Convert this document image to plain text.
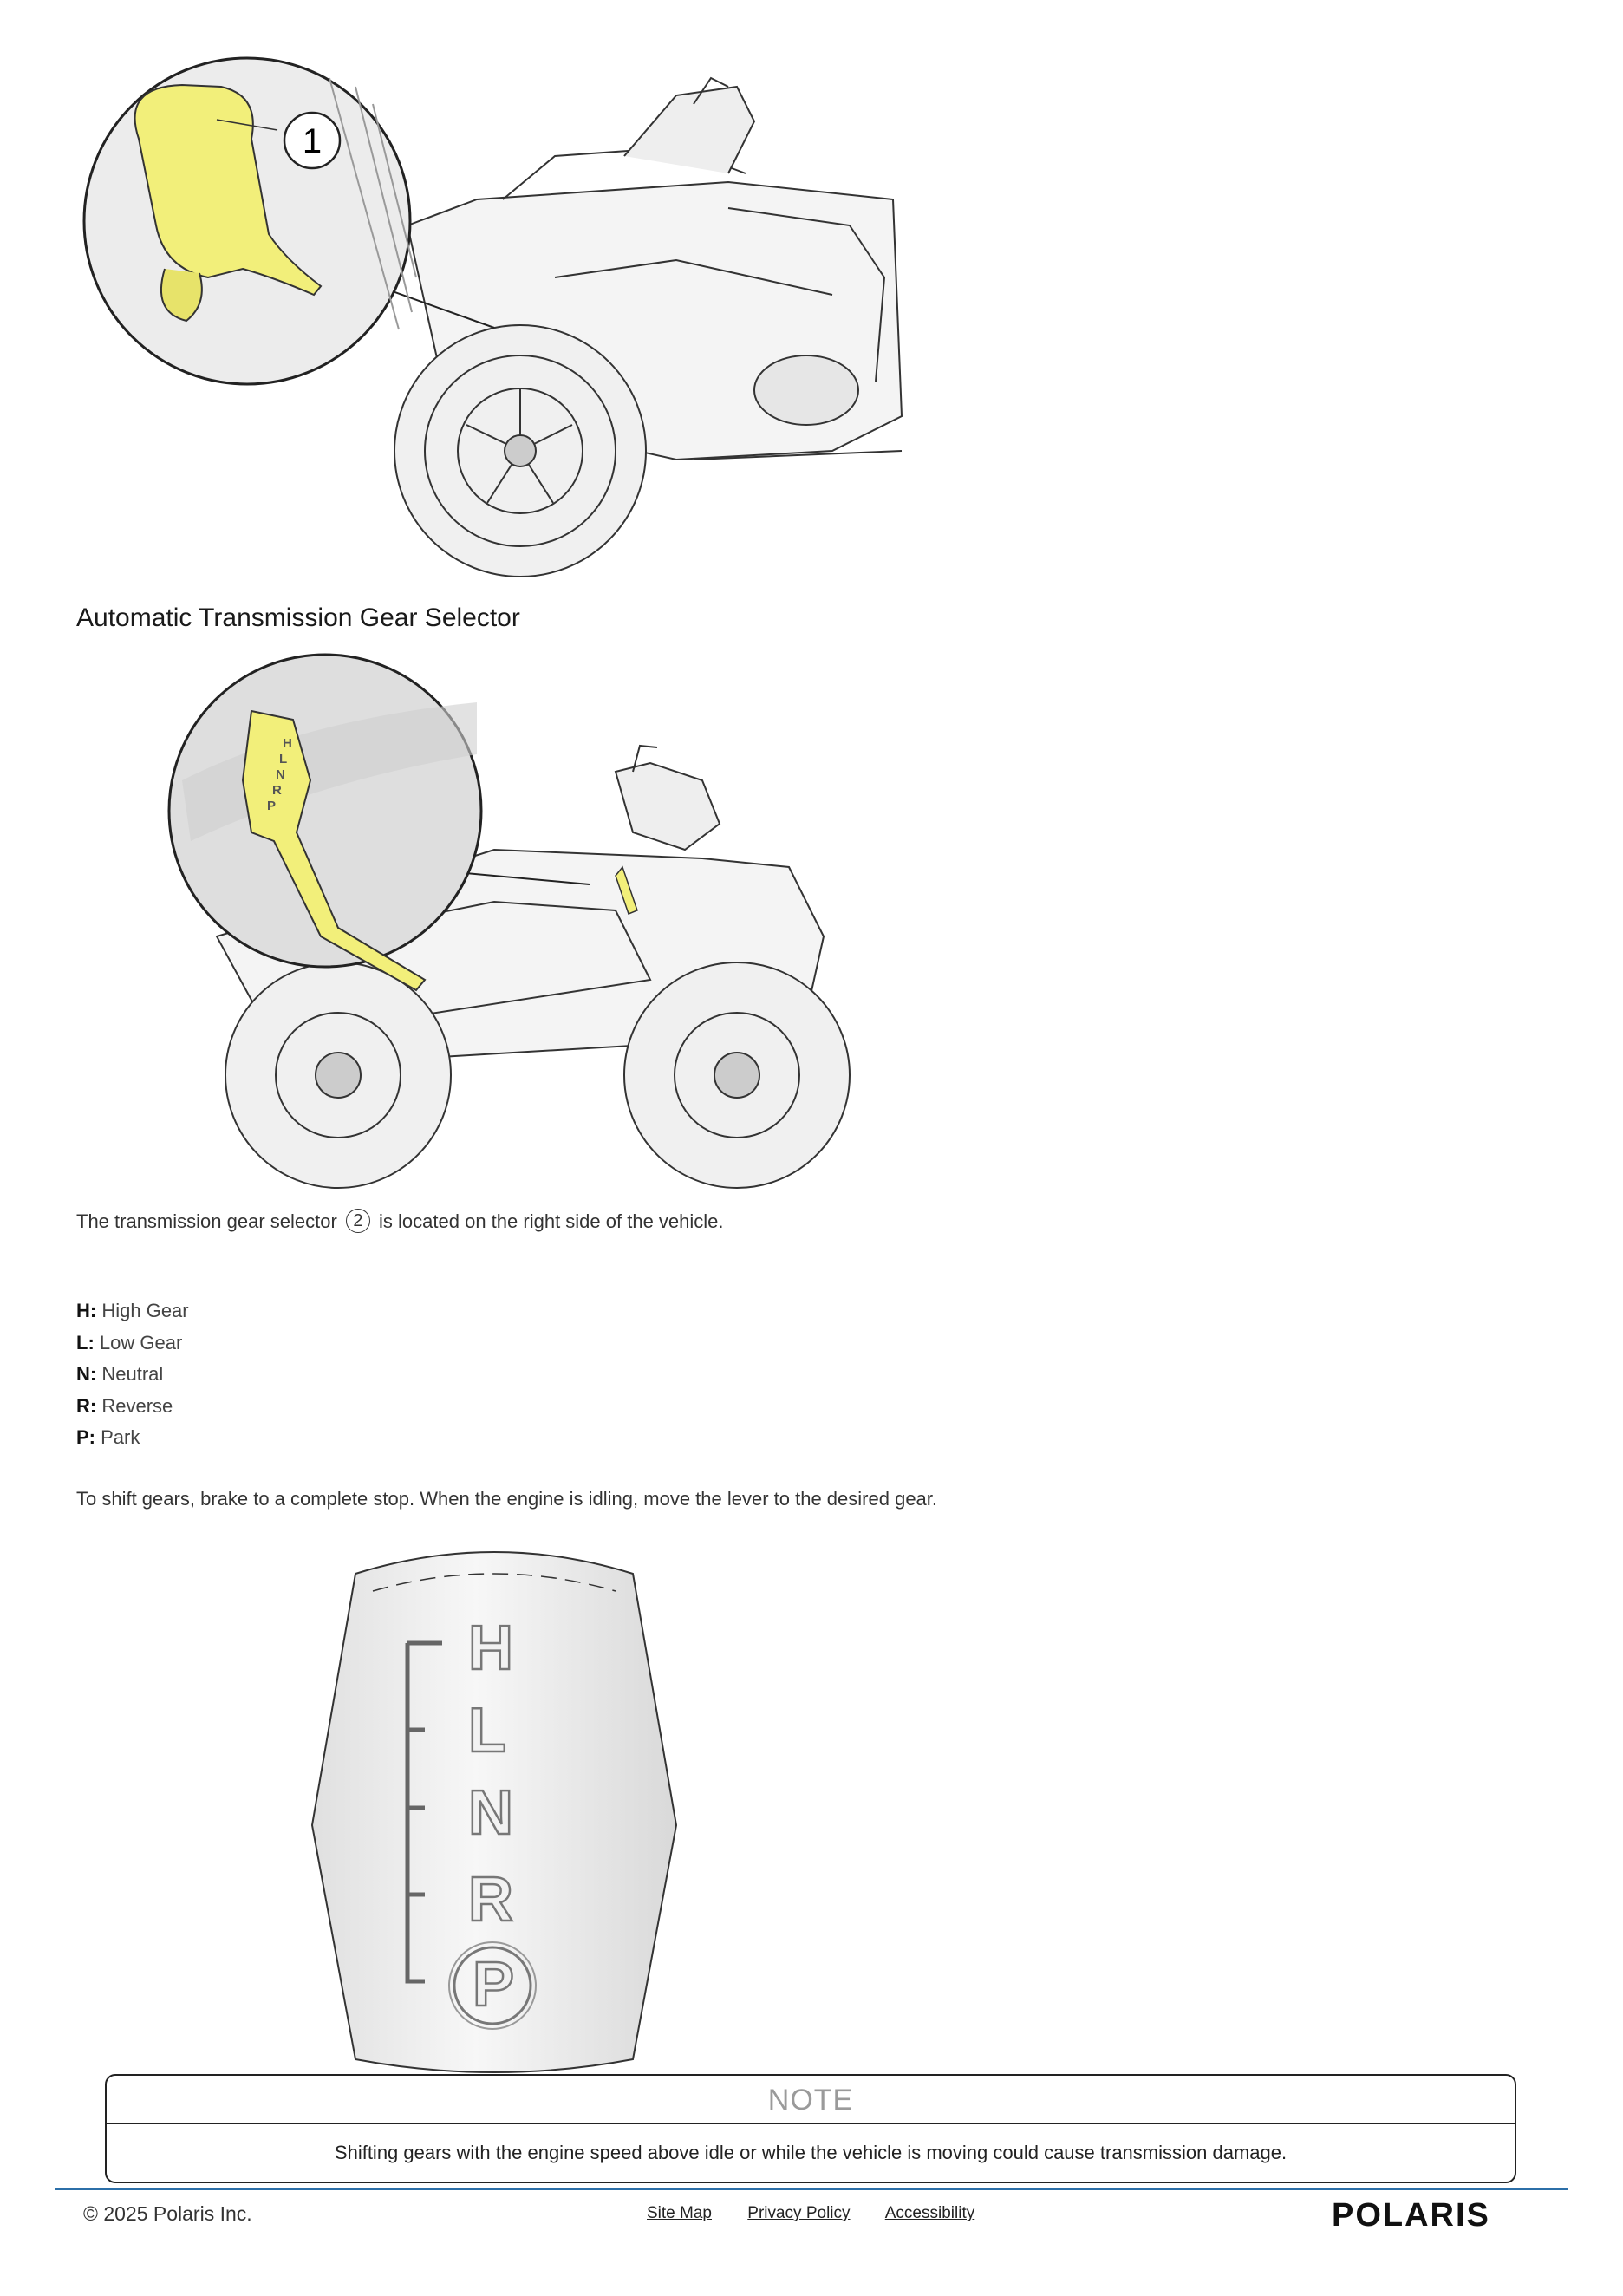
1
Automatic Transmission Gear Selector
H
L
N
R
P
The transmission gear selector 2 is located on the right side of the vehicle.
H: High Gear
L: Low Gear
N: Neutral
R: Reverse
P: Park
To shift gears, brake to a complete stop. When the engine is idling, move the lever to the desired gear.
H
L
N
R
P
NOTE
Shifting gears with the engine speed above idle or while the vehicle is moving could cause transmission damage.
© 2025 Polaris Inc.	Site Map Privacy Policy Accessibility	POLARIS
